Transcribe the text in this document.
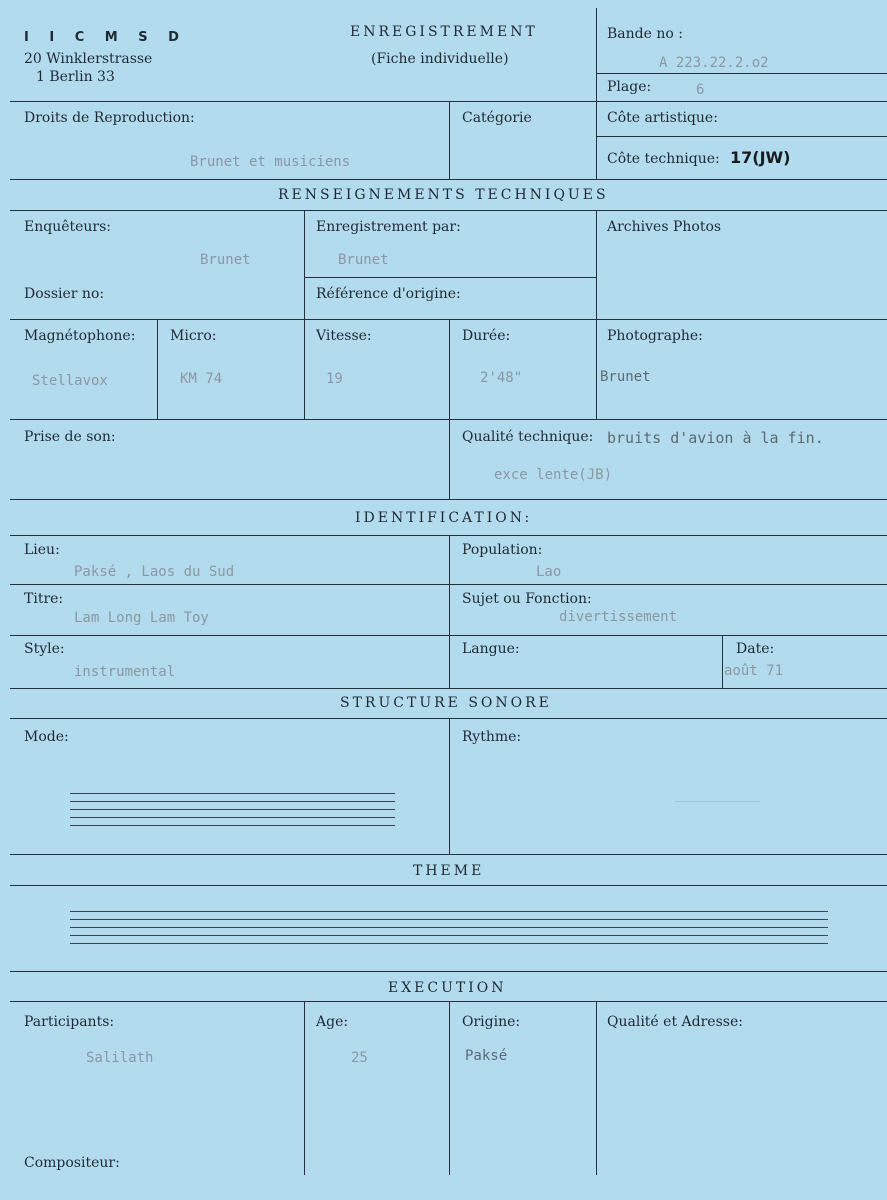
I I C M S D
20 Winklerstrasse
1 Berlin 33
ENREGISTREMENT
(Fiche individuelle)
Bande no :
A 223.22.2.o2
Plage:	6
Droits de Reproduction:
Brunet et musiciens
Catégorie	Côte artistique:
Côte technique: 17(JW)
RENSEIGNEMENTS TECHNIQUES
Enquêteurs:
Brunet
Enregistrement par:
Brunet
Archives Photos
Dossier no:	Référence d'origine:
Magnétophone:
Stellavox
Micro:
KM 74
Vitesse:
19
Durée:
2'48"
Photographe:
Brunet
Prise de son:	Qualité technique: bruits d'avion à la fin.
exce lente(JB)
IDENTIFICATION:
Lieu:
Paksé , Laos du Sud
Population:
Lao
Titre:
Lam Long Lam Toy
Sujet ou Fonction:
divertissement
Style:
instrumental
Langue:	Date:
août 71
STRUCTURE SONORE
Mode:	Rythme:
THEME
EXECUTION
Participants:
Salilath
Age:
25
Origine:
Paksé
Qualité et Adresse:
Compositeur:
